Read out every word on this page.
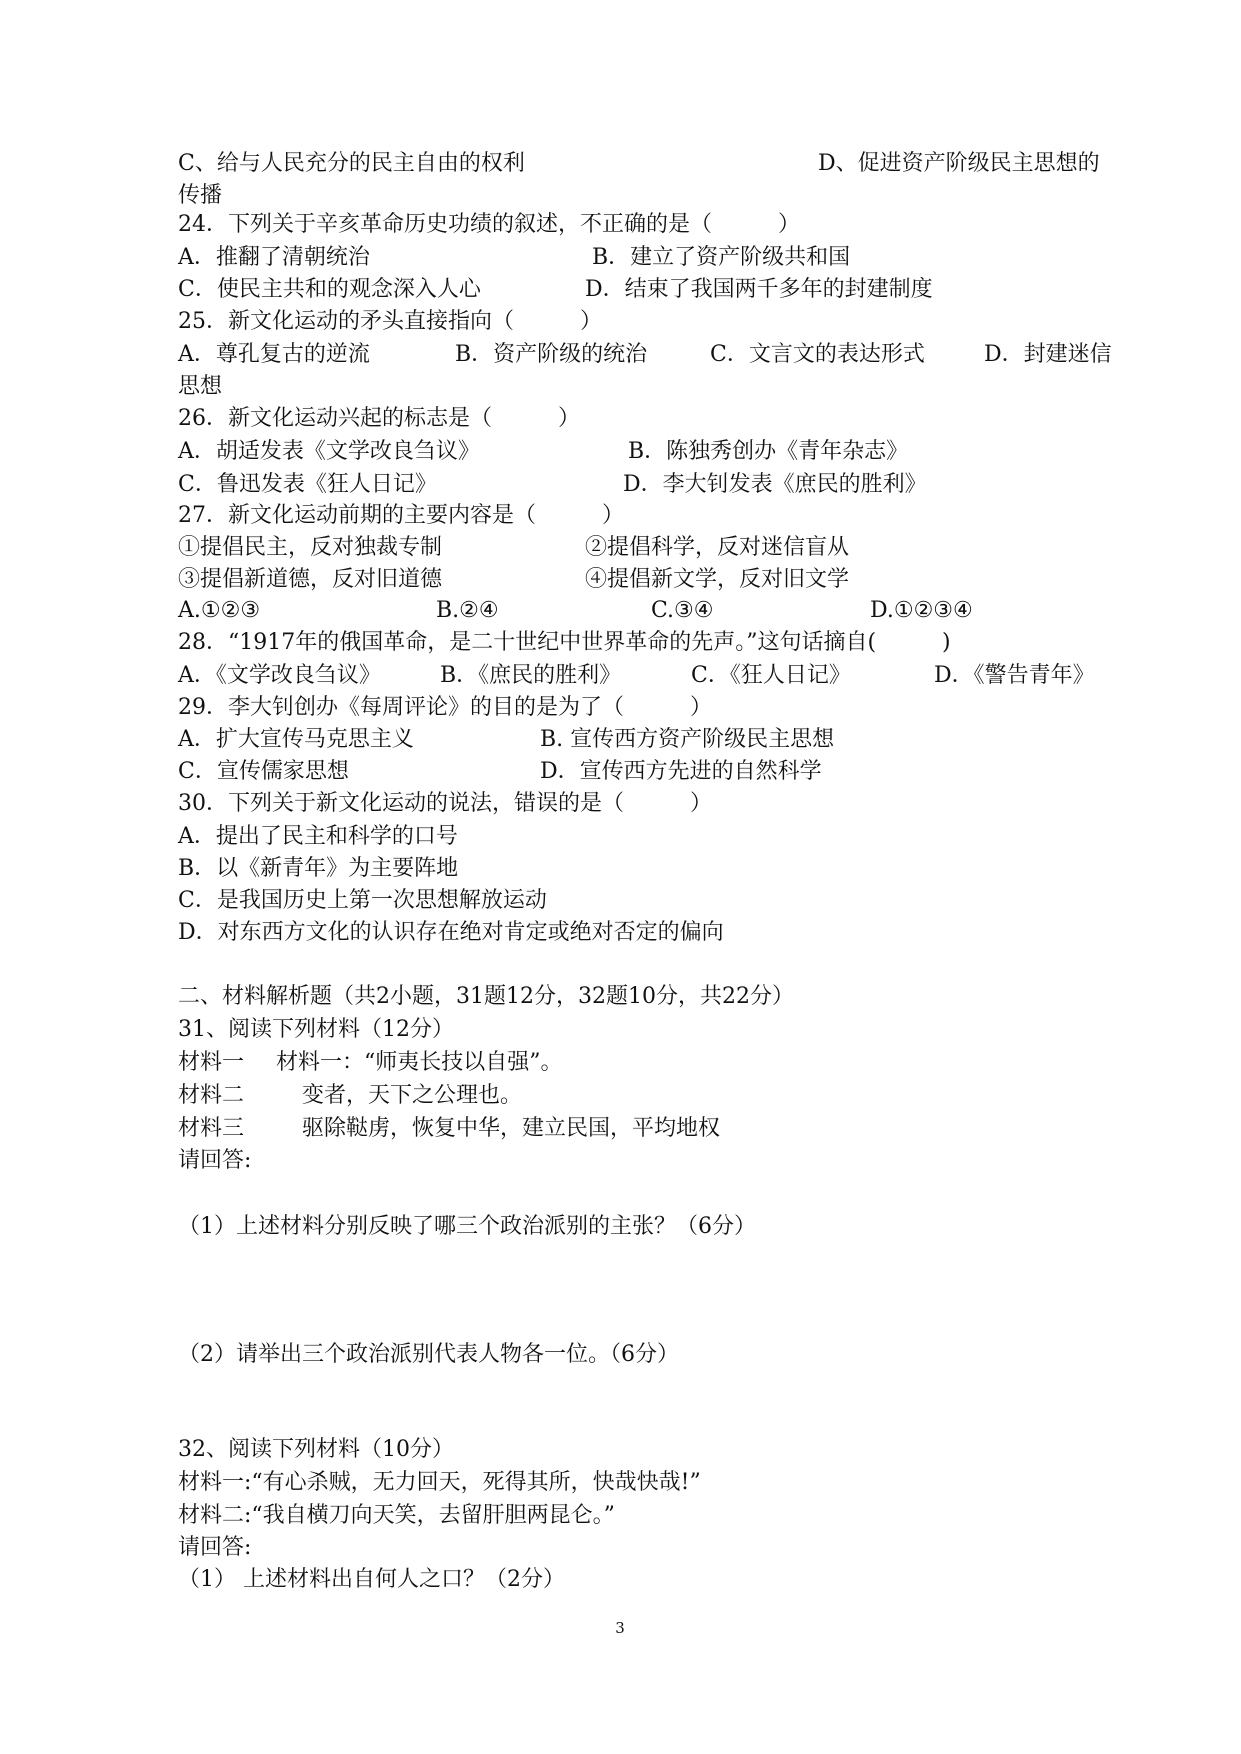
C、给与人民充分的民主自由的权利	D、促进资产阶级民主思想的
传播
24．下列关于辛亥革命历史功绩的叙述，不正确的是（　　　）
A．推翻了清朝统治	B．建立了资产阶级共和国
C．使民主共和的观念深入人心	D．结束了我国两千多年的封建制度
25．新文化运动的矛头直接指向（　　　）
A．尊孔复古的逆流	B．资产阶级的统治	C．文言文的表达形式	D．封建迷信
思想
26．新文化运动兴起的标志是（　　　）
A．胡适发表《文学改良刍议》	B．陈独秀创办《青年杂志》
C．鲁迅发表《狂人日记》	D．李大钊发表《庶民的胜利》
27．新文化运动前期的主要内容是（　　　）
①提倡民主，反对独裁专制	②提倡科学，反对迷信盲从
③提倡新道德，反对旧道德	④提倡新文学，反对旧文学
A.①②③	B.②④	C.③④	D.①②③④
28．“1917年的俄国革命，是二十世纪中世界革命的先声。”这句话摘自(　　　)
A．《文学改良刍议》	B．《庶民的胜利》	C．《狂人日记》	D．《警告青年》
29．李大钊创办《每周评论》的目的是为了（　　　）
A．扩大宣传马克思主义	B. 宣传西方资产阶级民主思想
C．宣传儒家思想	D．宣传西方先进的自然科学
30．下列关于新文化运动的说法，错误的是（　　　）
A．提出了民主和科学的口号
B．以《新青年》为主要阵地
C．是我国历史上第一次思想解放运动
D．对东西方文化的认识存在绝对肯定或绝对否定的偏向
二、材料解析题（共2小题，31题12分，32题10分，共22分）
31、阅读下列材料（12分）
材料一 材料一：“师夷长技以自强”。
材料二	变者，天下之公理也。
材料三	驱除鞑虏，恢复中华，建立民国，平均地权
请回答:
（1）上述材料分别反映了哪三个政治派别的主张？（6分）
（2）请举出三个政治派别代表人物各一位。（6分）
32、阅读下列材料（10分）
材料一:“有心杀贼，无力回天，死得其所，快哉快哉!”
材料二:“我自横刀向天笑，去留肝胆两昆仑。”
请回答:
（1） 上述材料出自何人之口？（2分）
3
